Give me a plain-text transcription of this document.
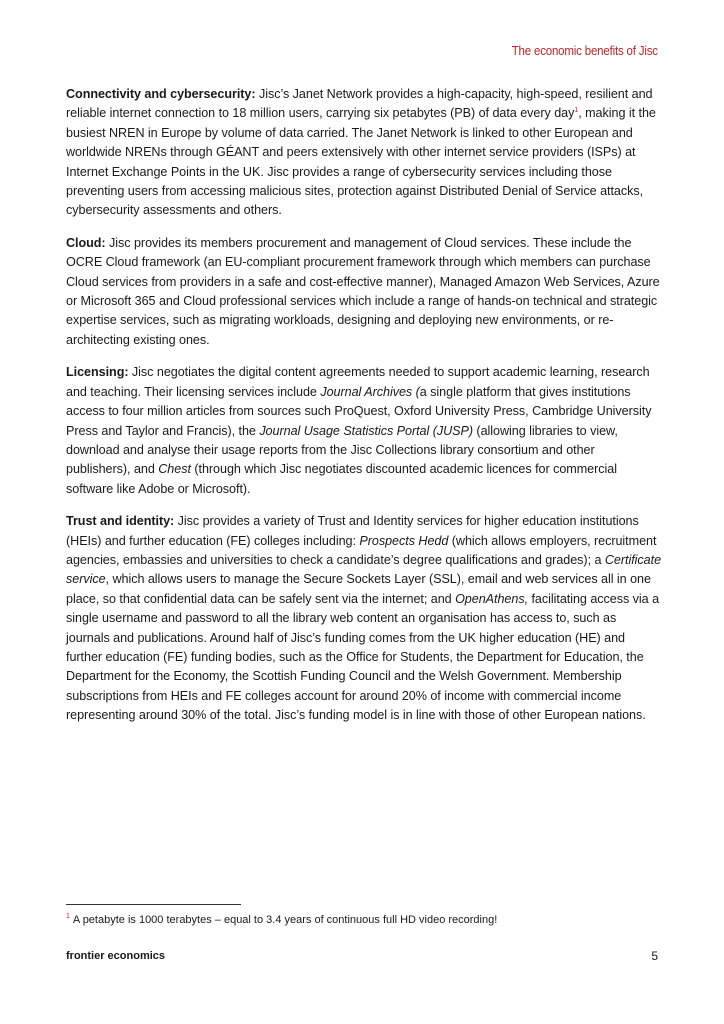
The economic benefits of Jisc

Connectivity and cybersecurity: Jisc’s Janet Network provides a high-capacity, high-speed, resilient and reliable internet connection to 18 million users, carrying six petabytes (PB) of data every day$^1$, making it the busiest NREN in Europe by volume of data carried. The Janet Network is linked to other European and worldwide NRENs through GÉANT and peers extensively with other internet service providers (ISPs) at Internet Exchange Points in the UK. Jisc provides a range of cybersecurity services including those preventing users from accessing malicious sites, protection against Distributed Denial of Service attacks, cybersecurity assessments and others.

Cloud: Jisc provides its members procurement and management of Cloud services. These include the OCRE Cloud framework (an EU-compliant procurement framework through which members can purchase Cloud services from providers in a safe and cost-effective manner), Managed Amazon Web Services, Azure or Microsoft 365 and Cloud professional services which include a range of hands-on technical and strategic expertise services, such as migrating workloads, designing and deploying new environments, or re-architecting existing ones.

Licensing: Jisc negotiates the digital content agreements needed to support academic learning, research and teaching. Their licensing services include Journal Archives (a single platform that gives institutions access to four million articles from sources such ProQuest, Oxford University Press, Cambridge University Press and Taylor and Francis), the Journal Usage Statistics Portal (JUSP) (allowing libraries to view, download and analyse their usage reports from the Jisc Collections library consortium and other publishers), and Chest (through which Jisc negotiates discounted academic licences for commercial software like Adobe or Microsoft).

Trust and identity: Jisc provides a variety of Trust and Identity services for higher education institutions (HEIs) and further education (FE) colleges including: Prospects Hedd (which allows employers, recruitment agencies, embassies and universities to check a candidate’s degree qualifications and grades); a Certificate service, which allows users to manage the Secure Sockets Layer (SSL), email and web services all in one place, so that confidential data can be safely sent via the internet; and OpenAthens, facilitating access via a single username and password to all the library web content an organisation has access to, such as journals and publications. Around half of Jisc’s funding comes from the UK higher education (HE) and further education (FE) funding bodies, such as the Office for Students, the Department for Education, the Department for the Economy, the Scottish Funding Council and the Welsh Government. Membership subscriptions from HEIs and FE colleges account for around 20% of income with commercial income representing around 30% of the total. Jisc’s funding model is in line with those of other European nations.

$^1$ A petabyte is 1000 terabytes – equal to 3.4 years of continuous full HD video recording!
frontier economics	5
